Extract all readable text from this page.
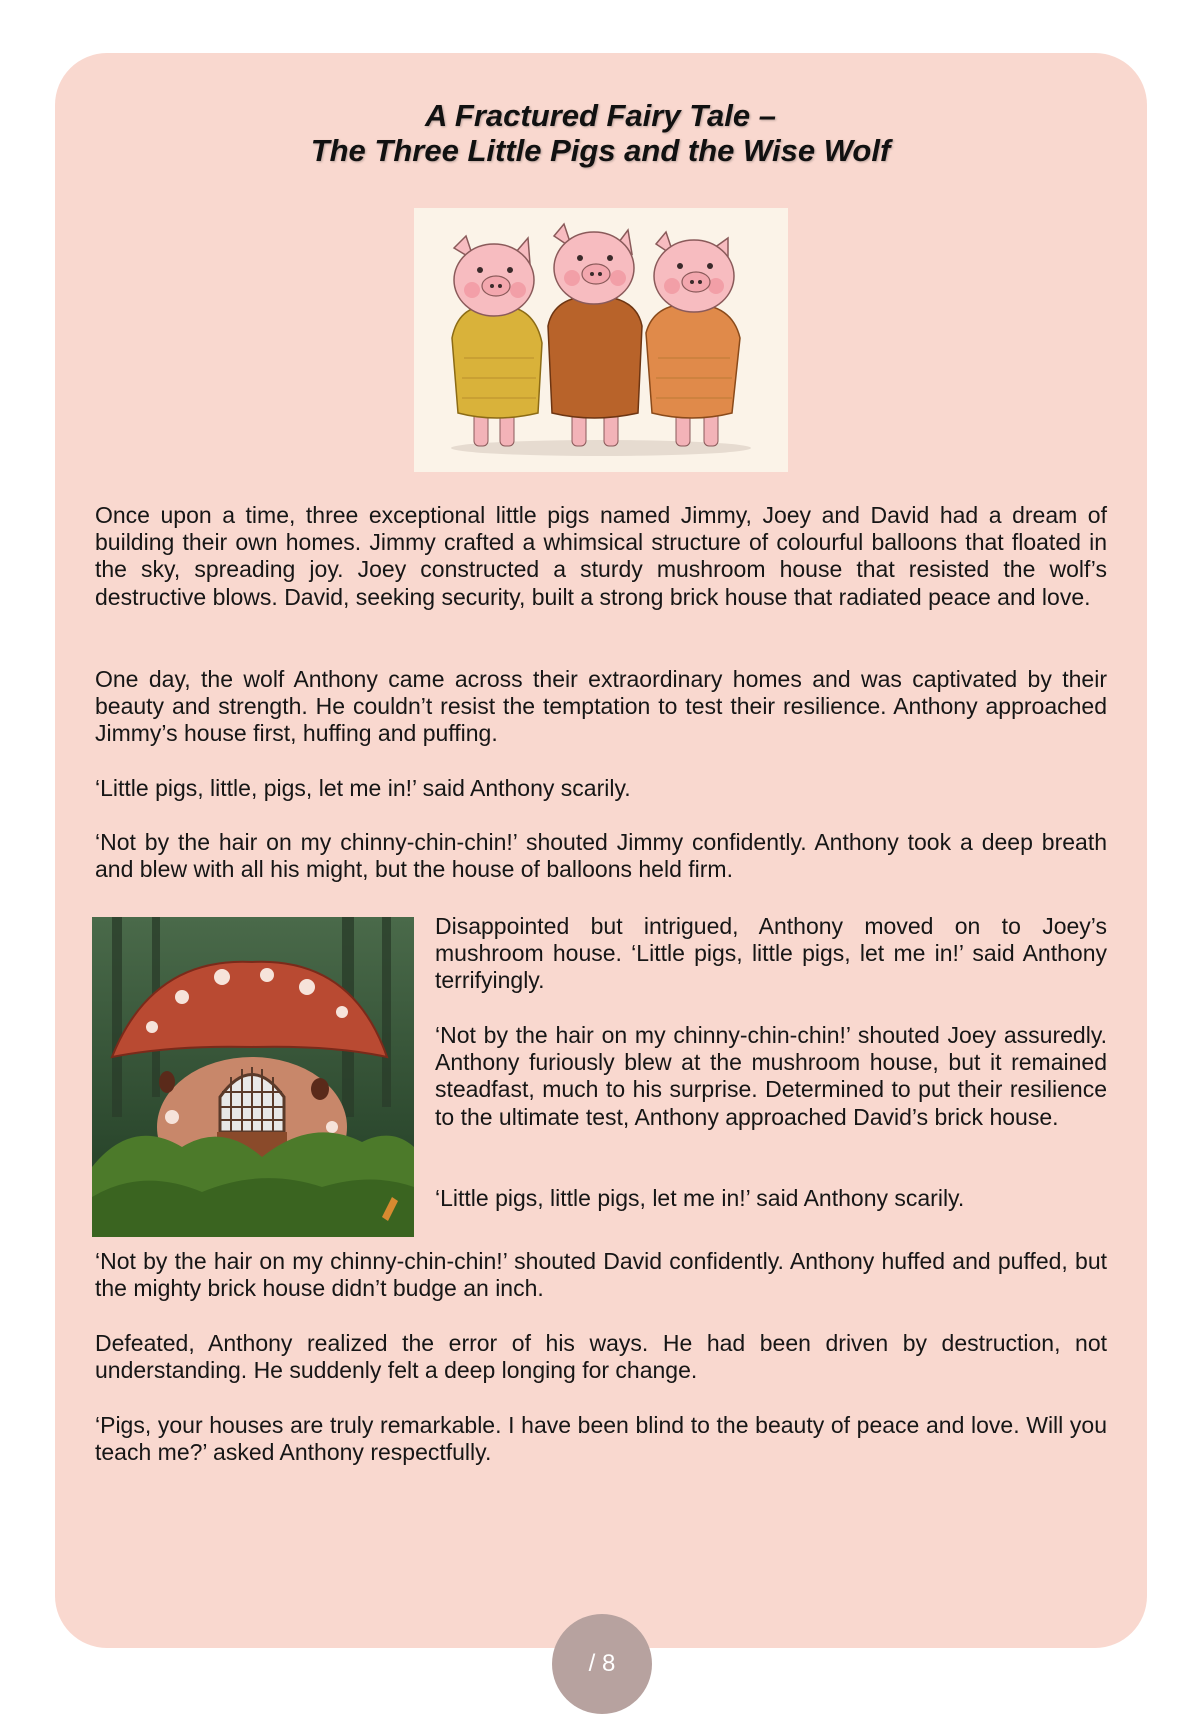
A Fractured Fairy Tale –
The Three Little Pigs and the Wise Wolf

Once upon a time, three exceptional little pigs named Jimmy, Joey and David had a dream of building their own homes. Jimmy crafted a whimsical structure of colourful balloons that floated in the sky, spreading joy. Joey constructed a sturdy mushroom house that resisted the wolf’s destructive blows. David, seeking security, built a strong brick house that radiated peace and love.

One day, the wolf Anthony came across their extraordinary homes and was captivated by their beauty and strength. He couldn’t resist the temptation to test their resilience. Anthony approached Jimmy’s house first, huffing and puffing.

‘Little pigs, little, pigs, let me in!’ said Anthony scarily.

‘Not by the hair on my chinny-chin-chin!’ shouted Jimmy confidently. Anthony took a deep breath and blew with all his might, but the house of balloons held firm.

Disappointed but intrigued, Anthony moved on to Joey’s mushroom house. ‘Little pigs, little pigs, let me in!’ said Anthony terrifyingly.

‘Not by the hair on my chinny-chin-chin!’ shouted Joey assuredly. Anthony furiously blew at the mushroom house, but it remained steadfast, much to his surprise. Determined to put their resilience to the ultimate test, Anthony approached David’s brick house.

‘Little pigs, little pigs, let me in!’ said Anthony scarily.

‘Not by the hair on my chinny-chin-chin!’ shouted David confidently. Anthony huffed and puffed, but the mighty brick house didn’t budge an inch.

Defeated, Anthony realized the error of his ways. He had been driven by destruction, not understanding. He suddenly felt a deep longing for change.

‘Pigs, your houses are truly remarkable. I have been blind to the beauty of peace and love. Will you teach me?’ asked Anthony respectfully.

/ 8
